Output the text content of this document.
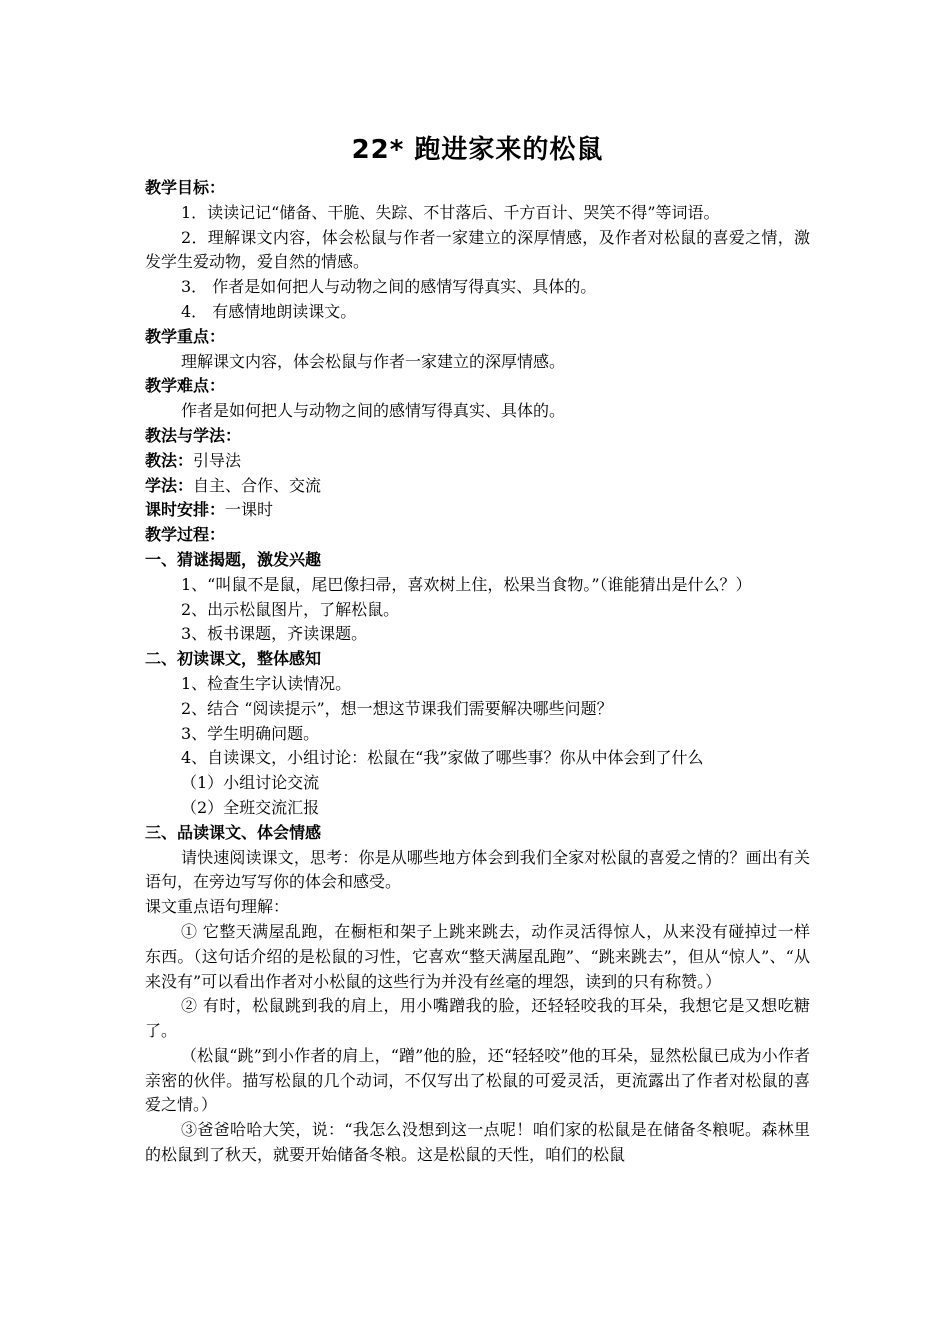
22* 跑进家来的松鼠

教学目标：

1．读读记记“储备、干脆、失踪、不甘落后、千方百计、哭笑不得”等词语。

2．理解课文内容，体会松鼠与作者一家建立的深厚情感，及作者对松鼠的喜爱之情，激发学生爱动物，爱自然的情感。

3． 作者是如何把人与动物之间的感情写得真实、具体的。

4． 有感情地朗读课文。

教学重点：

理解课文内容，体会松鼠与作者一家建立的深厚情感。

教学难点：

作者是如何把人与动物之间的感情写得真实、具体的。

教法与学法：

教法：引导法

学法：自主、合作、交流

课时安排：一课时

教学过程：

一、猜谜揭题，激发兴趣

1、“叫鼠不是鼠，尾巴像扫帚，喜欢树上住，松果当食物。”（谁能猜出是什么？）

2、出示松鼠图片，了解松鼠。

3、板书课题，齐读课题。

二、初读课文，整体感知

1、检查生字认读情况。

2、结合 “阅读提示”，想一想这节课我们需要解决哪些问题？

3、学生明确问题。

4、自读课文，小组讨论：松鼠在“我”家做了哪些事？你从中体会到了什么

（1）小组讨论交流

（2）全班交流汇报

三、品读课文、体会情感

请快速阅读课文，思考：你是从哪些地方体会到我们全家对松鼠的喜爱之情的？画出有关语句，在旁边写写你的体会和感受。

课文重点语句理解：

① 它整天满屋乱跑，在橱柜和架子上跳来跳去，动作灵活得惊人，从来没有碰掉过一样东西。（这句话介绍的是松鼠的习性，它喜欢“整天满屋乱跑”、“跳来跳去”，但从“惊人”、“从来没有”可以看出作者对小松鼠的这些行为并没有丝毫的埋怨，读到的只有称赞。）

② 有时，松鼠跳到我的肩上，用小嘴蹭我的脸，还轻轻咬我的耳朵，我想它是又想吃糖了。

（松鼠“跳”到小作者的肩上，“蹭”他的脸，还“轻轻咬”他的耳朵，显然松鼠已成为小作者亲密的伙伴。描写松鼠的几个动词，不仅写出了松鼠的可爱灵活，更流露出了作者对松鼠的喜爱之情。）

③爸爸哈哈大笑，说：“我怎么没想到这一点呢！咱们家的松鼠是在储备冬粮呢。森林里的松鼠到了秋天，就要开始储备冬粮。这是松鼠的天性，咱们的松鼠
